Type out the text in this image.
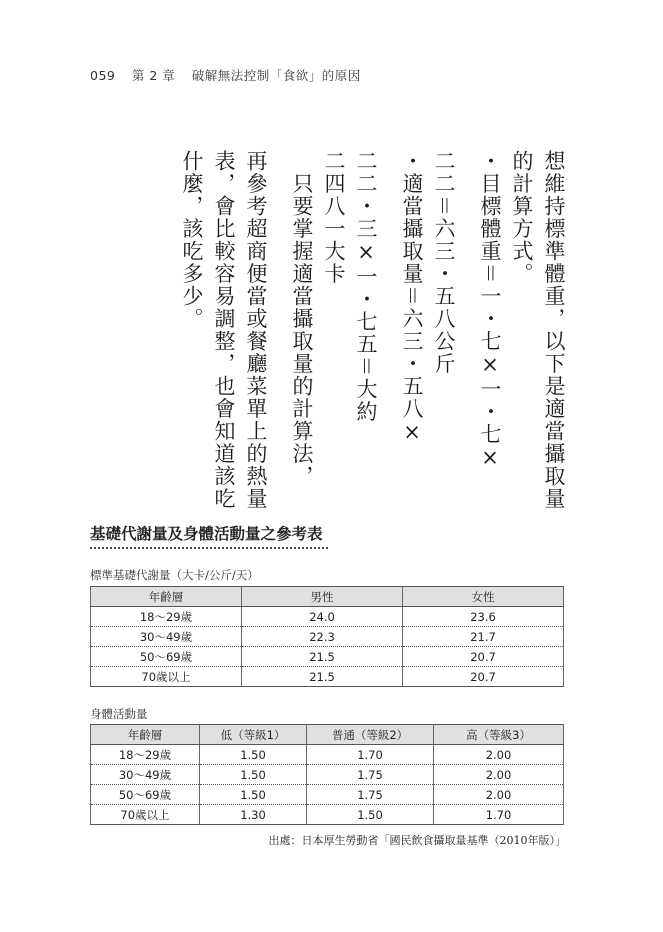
059 第 2 章 破解無法控制「食欲」的原因

想維持標準體重，以下是適當攝取量

的計算方式。

・目標體重＝一・七×一・七×

二二＝六三・五八公斤

・適當攝取量＝六三・五八×

二二・三×一・七五＝大約

二四八一大卡

　只要掌握適當攝取量的計算法，

再參考超商便當或餐廳菜單上的熱量

表，會比較容易調整，也會知道該吃

什麼，該吃多少。

基礎代謝量及身體活動量之參考表
標準基礎代謝量（大卡/公斤/天）
年齡層	男性	女性
18～29歲	24.0	23.6
30～49歲	22.3	21.7
50～69歲	21.5	20.7
70歲以上	21.5	20.7
身體活動量
年齡層	低（等級1）	普通（等級2）	高（等級3）
18～29歲	1.50	1.70	2.00
30～49歲	1.50	1.75	2.00
50～69歲	1.50	1.75	2.00
70歲以上	1.30	1.50	1.70
出處：日本厚生勞動省「國民飲食攝取量基準（2010年版）」
